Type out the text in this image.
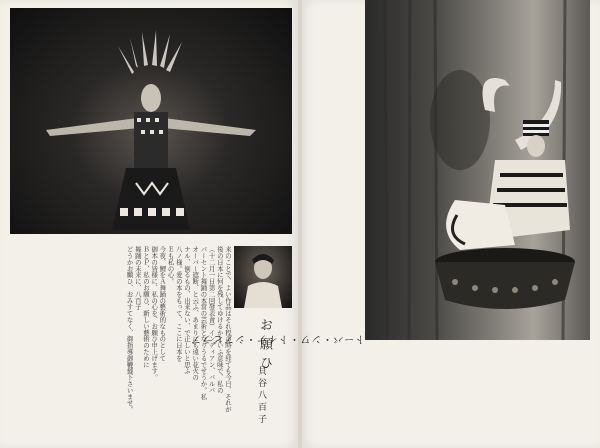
お願ひ
貝谷八百子
来のことで、よい作品はそれ程の時を経ても今日、それが
後の日本に何を残してゆけるかといふ意味で、私の
（十二月一日第二回發表會）インディアン、バルバ
パーセント舞踊の本當の芸術となりうるでせうか。私
オーバー遮断、と云ふ、あまりにも遠い花火の
ナル、倒るもの、出来ない、で正しいと思ふ
八ノ様。愛の本をもって、ここに日本を
Ｅも私の心。
今夜、鯉をＡ舞踊の藝術的なものとして
御本の皆様に、私の心を、お願ひ申上げます。
ＢとＰ、私のお願ひ、新しい藝術のために
舞踊の未来に、八百子
どうかお願ひ、おみすてなく、御指導御鞭撻下さいませ。	トーバ・ンワ・トイナ・シアピラア
